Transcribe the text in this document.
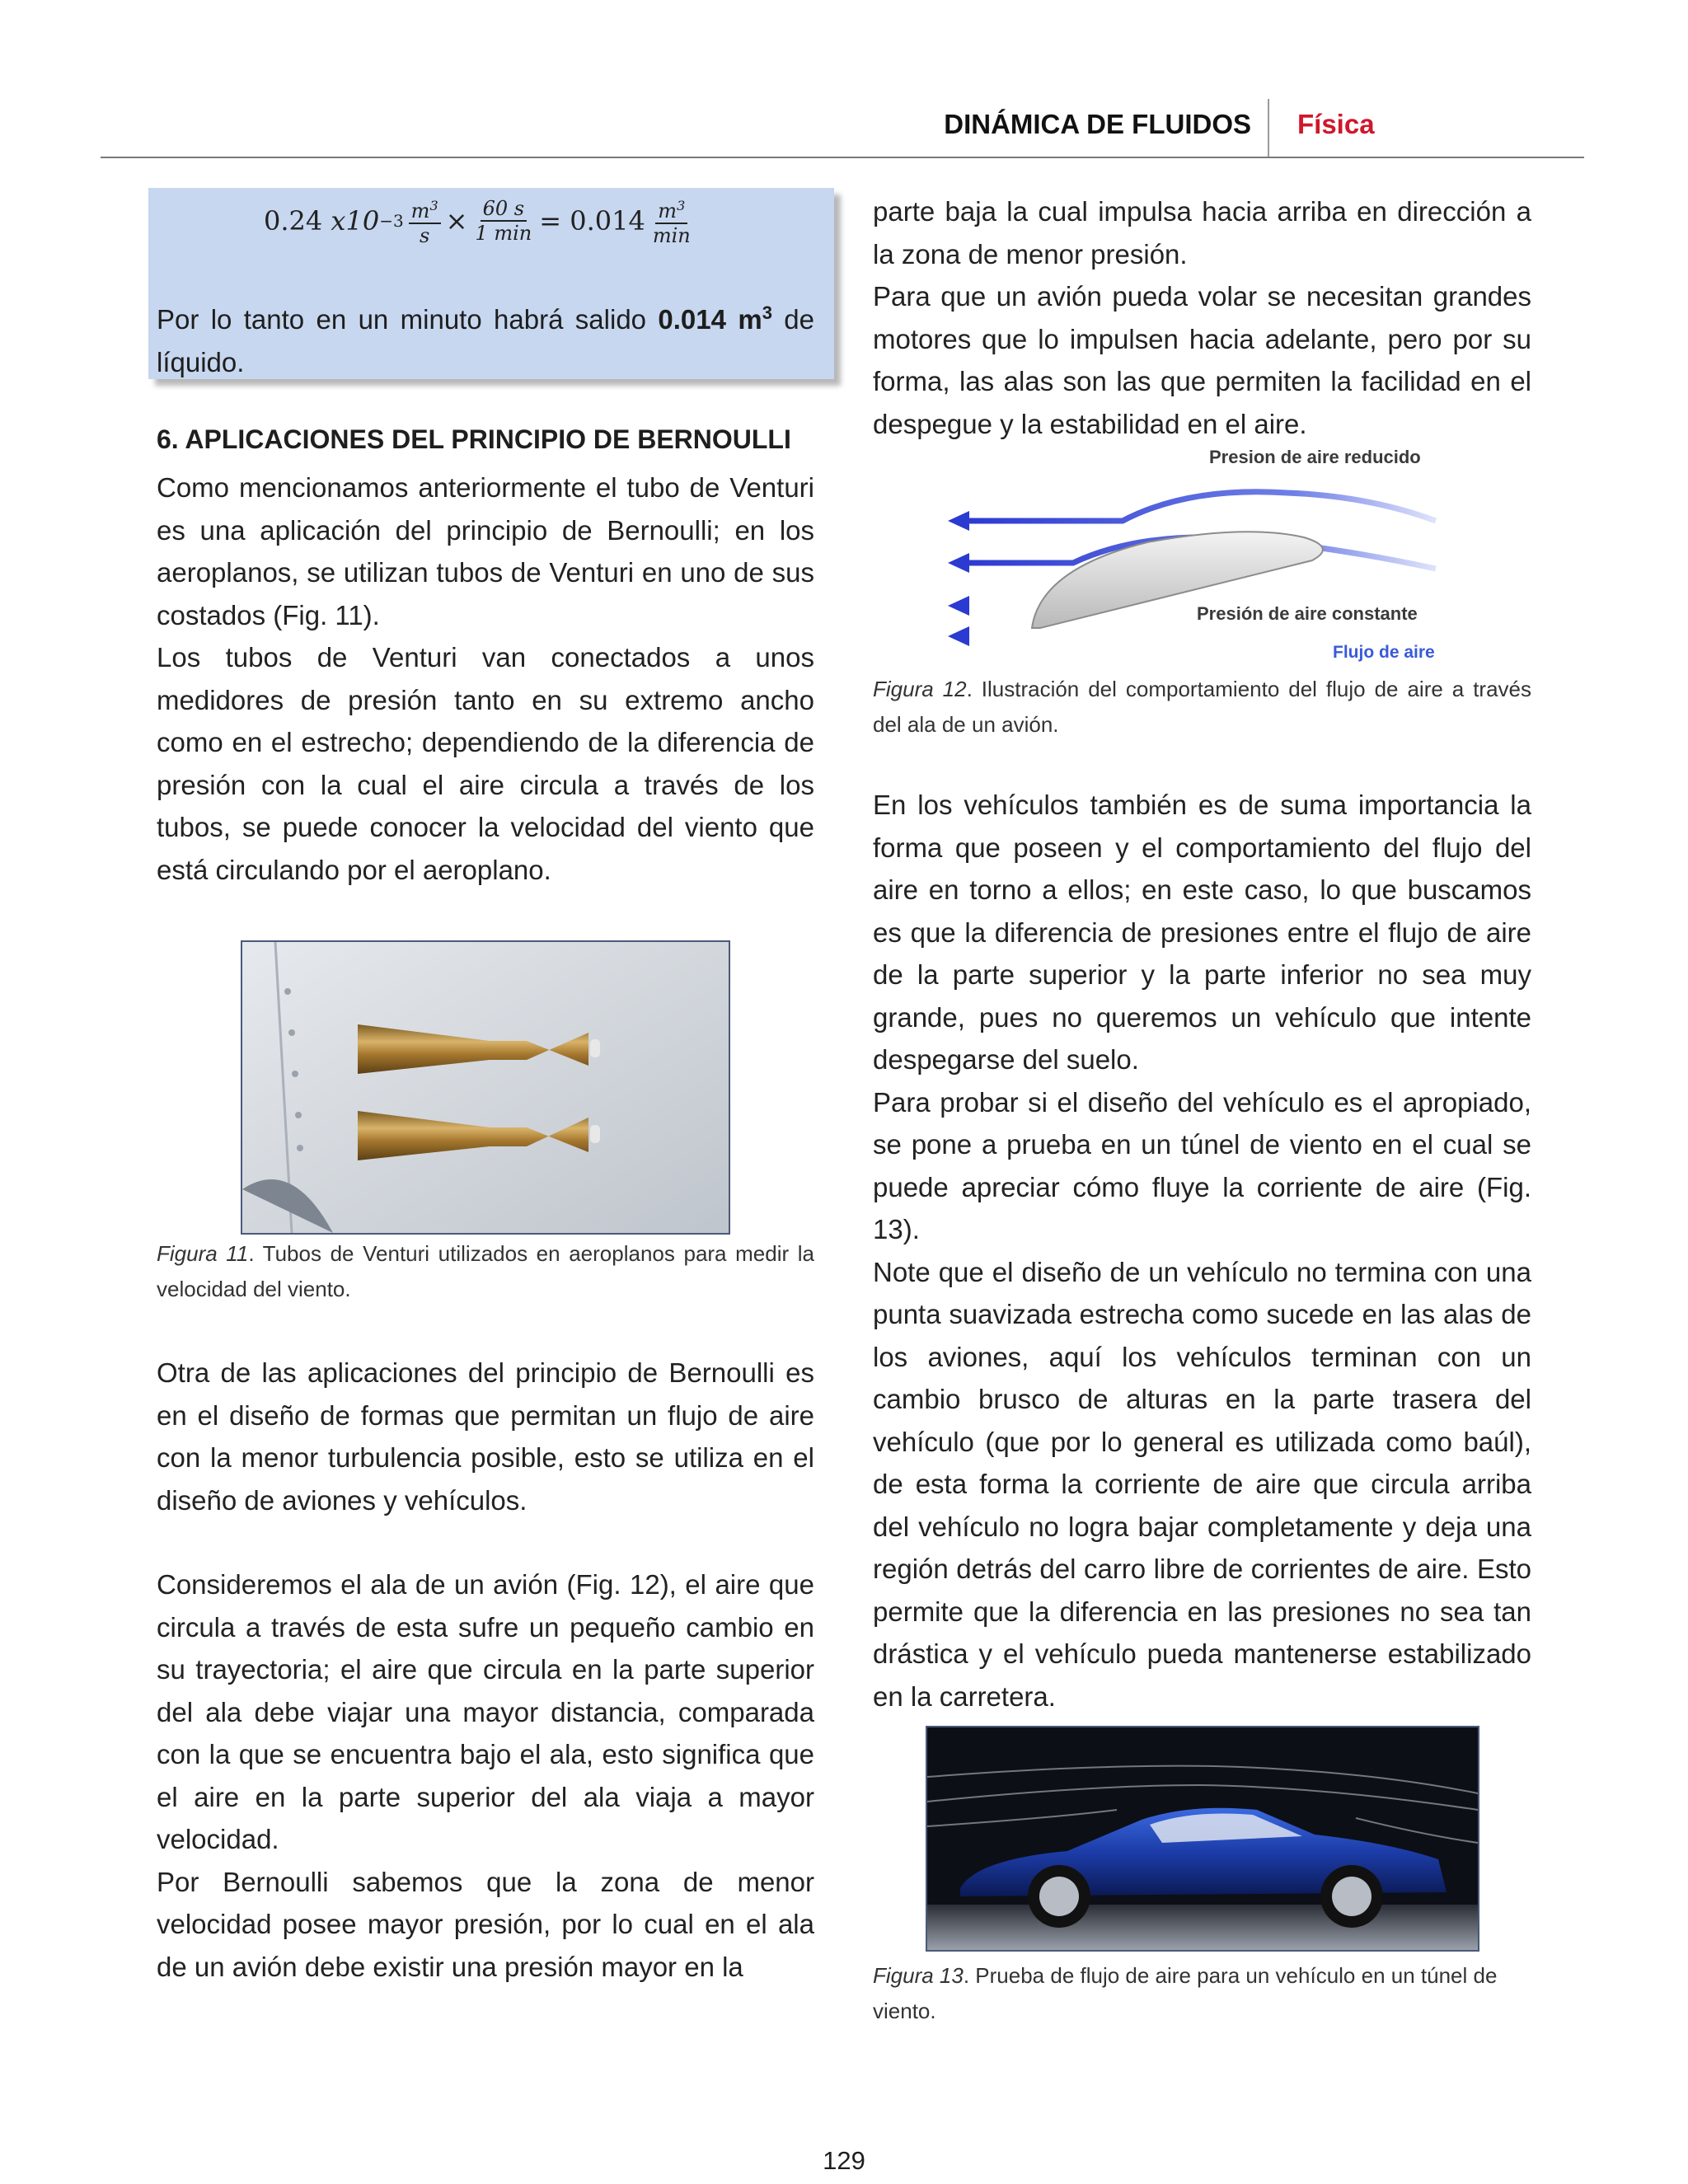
DINÁMICA DE FLUIDOS	Física
0.24
$x10 -3 \frac{m^3}{s} \times \frac{60 s}{1 \min} = 0.014 \frac{m^3}{\min}$
Por lo tanto en un minuto habrá salido 0.014 $m^3$ de líquido.
6. APLICACIONES DEL PRINCIPIO DE BERNOULLI

Como mencionamos anteriormente el tubo de Venturi es una aplicación del principio de Bernoulli; en los aeroplanos, se utilizan tubos de Venturi en uno de sus costados (Fig. 11).

Los tubos de Venturi van conectados a unos medidores de presión tanto en su extremo ancho como en el estrecho; dependiendo de la diferencia de presión con la cual el aire circula a través de los tubos, se puede conocer la velocidad del viento que está circulando por el aeroplano.

Figura 11. Tubos de Venturi utilizados en aeroplanos para medir la velocidad del viento.

Otra de las aplicaciones del principio de Bernoulli es en el diseño de formas que permitan un flujo de aire con la menor turbulencia posible, esto se utiliza en el diseño de aviones y vehículos.

Consideremos el ala de un avión (Fig. 12), el aire que circula a través de esta sufre un pequeño cambio en su trayectoria; el aire que circula en la parte superior del ala debe viajar una mayor distancia, comparada con la que se encuentra bajo el ala, esto significa que el aire en la parte superior del ala viaja a mayor velocidad.

Por Bernoulli sabemos que la zona de menor velocidad posee mayor presión, por lo cual en el ala de un avión debe existir una presión mayor en la

parte baja la cual impulsa hacia arriba en dirección a la zona de menor presión.

Para que un avión pueda volar se necesitan grandes motores que lo impulsen hacia adelante, pero por su forma, las alas son las que permiten la facilidad en el despegue y la estabilidad en el aire.

Presion de aire reducido
Presión de aire constante
Flujo de aire
Figura 12. Ilustración del comportamiento del flujo de aire a través del ala de un avión.

En los vehículos también es de suma importancia la forma que poseen y el comportamiento del flujo del aire en torno a ellos; en este caso, lo que buscamos es que la diferencia de presiones entre el flujo de aire de la parte superior y la parte inferior no sea muy grande, pues no queremos un vehículo que intente despegarse del suelo.

Para probar si el diseño del vehículo es el apropiado, se pone a prueba en un túnel de viento en el cual se puede apreciar cómo fluye la corriente de aire (Fig. 13).

Note que el diseño de un vehículo no termina con una punta suavizada estrecha como sucede en las alas de los aviones, aquí los vehículos terminan con un cambio brusco de alturas en la parte trasera del vehículo (que por lo general es utilizada como baúl), de esta forma la corriente de aire que circula arriba del vehículo no logra bajar completamente y deja una región detrás del carro libre de corrientes de aire. Esto permite que la diferencia en las presiones no sea tan drástica y el vehículo pueda mantenerse estabilizado en la carretera.

Figura 13. Prueba de flujo de aire para un vehículo en un túnel de viento.
129
